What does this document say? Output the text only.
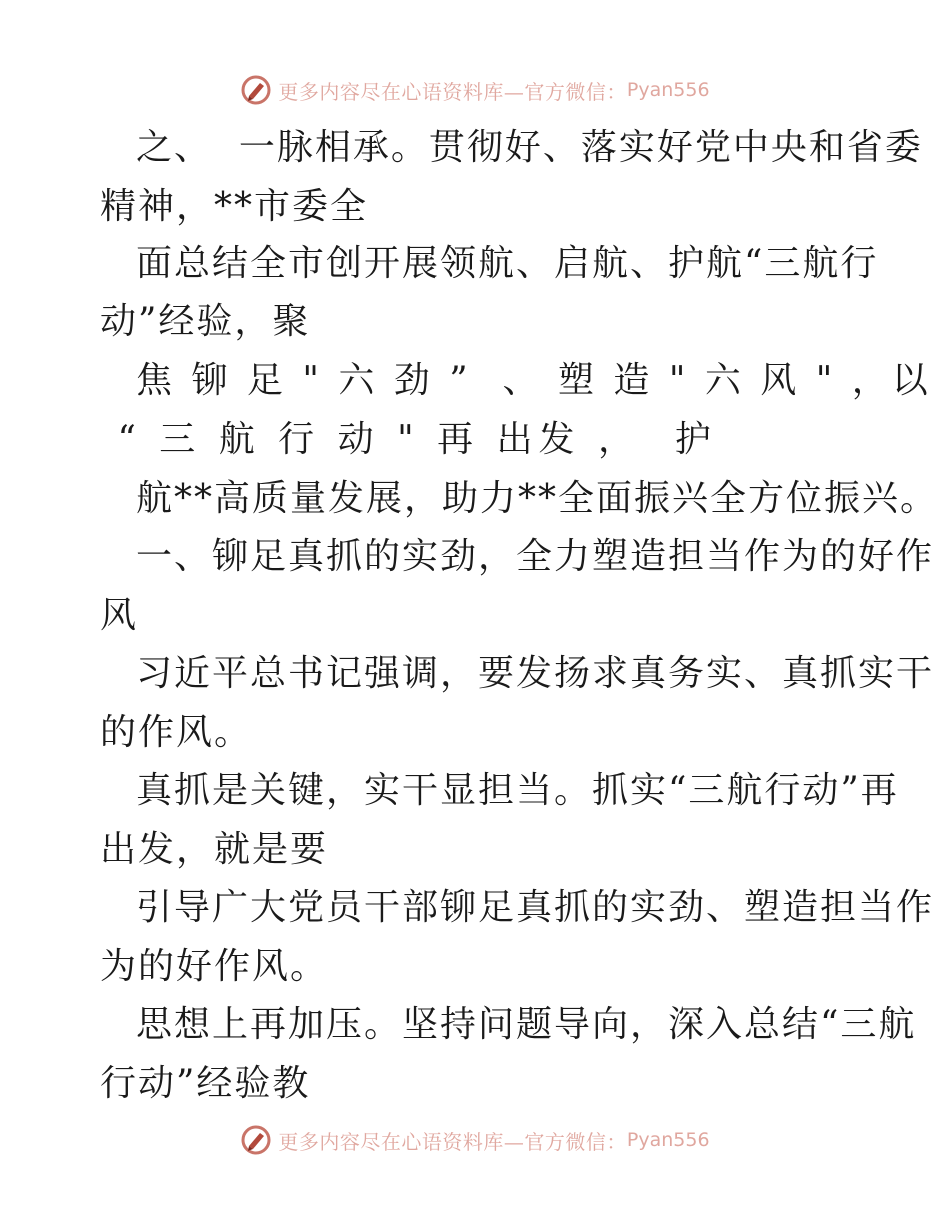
更多内容尽在心语资料库—官方微信： Pyan556
之、  一脉相承。贯彻好、落实好党中央和省委
精神，**市委全
面总结全市创开展领航、启航、护航“三航行
动”经验，聚
焦 铆 足 " 六 劲 ”  、 塑 造 " 六 风 " ，以
“ 三 航 行 动 " 再 出发 ，  护
航**高质量发展，助力**全面振兴全方位振兴。
一、铆足真抓的实劲，全力塑造担当作为的好作
风
习近平总书记强调，要发扬求真务实、真抓实干
的作风。
真抓是关键，实干显担当。抓实“三航行动”再
出发，就是要
引导广大党员干部铆足真抓的实劲、塑造担当作
为的好作风。
思想上再加压。坚持问题导向，深入总结“三航
行动”经验教
更多内容尽在心语资料库—官方微信： Pyan556
